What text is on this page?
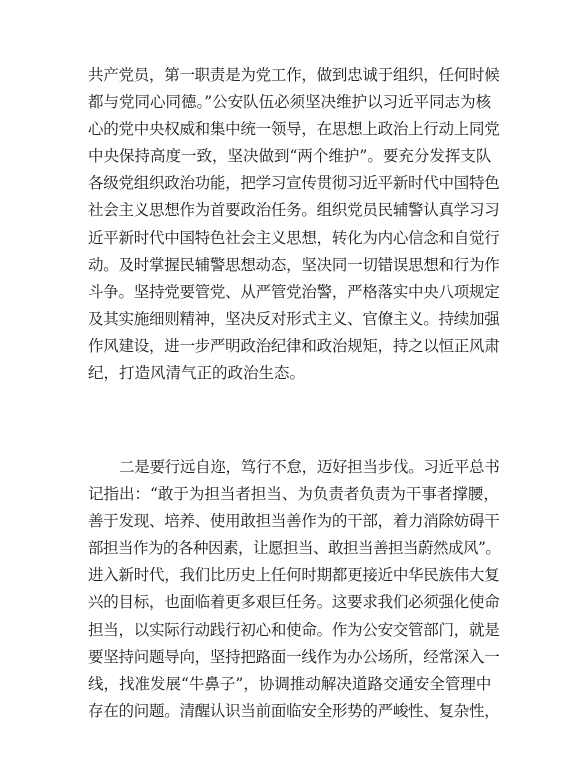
共产党员，第一职责是为党工作，做到忠诚于组织，任何时候
都与党同心同德。”公安队伍必须坚决维护以习近平同志为核
心的党中央权威和集中统一领导，在思想上政治上行动上同党
中央保持高度一致，坚决做到“两个维护”。要充分发挥支队
各级党组织政治功能，把学习宣传贯彻习近平新时代中国特色
社会主义思想作为首要政治任务。组织党员民辅警认真学习习
近平新时代中国特色社会主义思想，转化为内心信念和自觉行
动。及时掌握民辅警思想动态，坚决同一切错误思想和行为作
斗争。坚持党要管党、从严管党治警，严格落实中央八项规定
及其实施细则精神，坚决反对形式主义、官僚主义。持续加强
作风建设，进一步严明政治纪律和政治规矩，持之以恒正风肃
纪，打造风清气正的政治生态。
二是要行远自迩，笃行不怠，迈好担当步伐。习近平总书
记指出：“敢于为担当者担当、为负责者负责为干事者撑腰，
善于发现、培养、使用敢担当善作为的干部，着力消除妨碍干
部担当作为的各种因素，让愿担当、敢担当善担当蔚然成风”。
进入新时代，我们比历史上任何时期都更接近中华民族伟大复
兴的目标，也面临着更多艰巨任务。这要求我们必须强化使命
担当，以实际行动践行初心和使命。作为公安交管部门，就是
要坚持问题导向，坚持把路面一线作为办公场所，经常深入一
线，找准发展“牛鼻子”，协调推动解决道路交通安全管理中
存在的问题。清醒认识当前面临安全形势的严峻性、复杂性，
